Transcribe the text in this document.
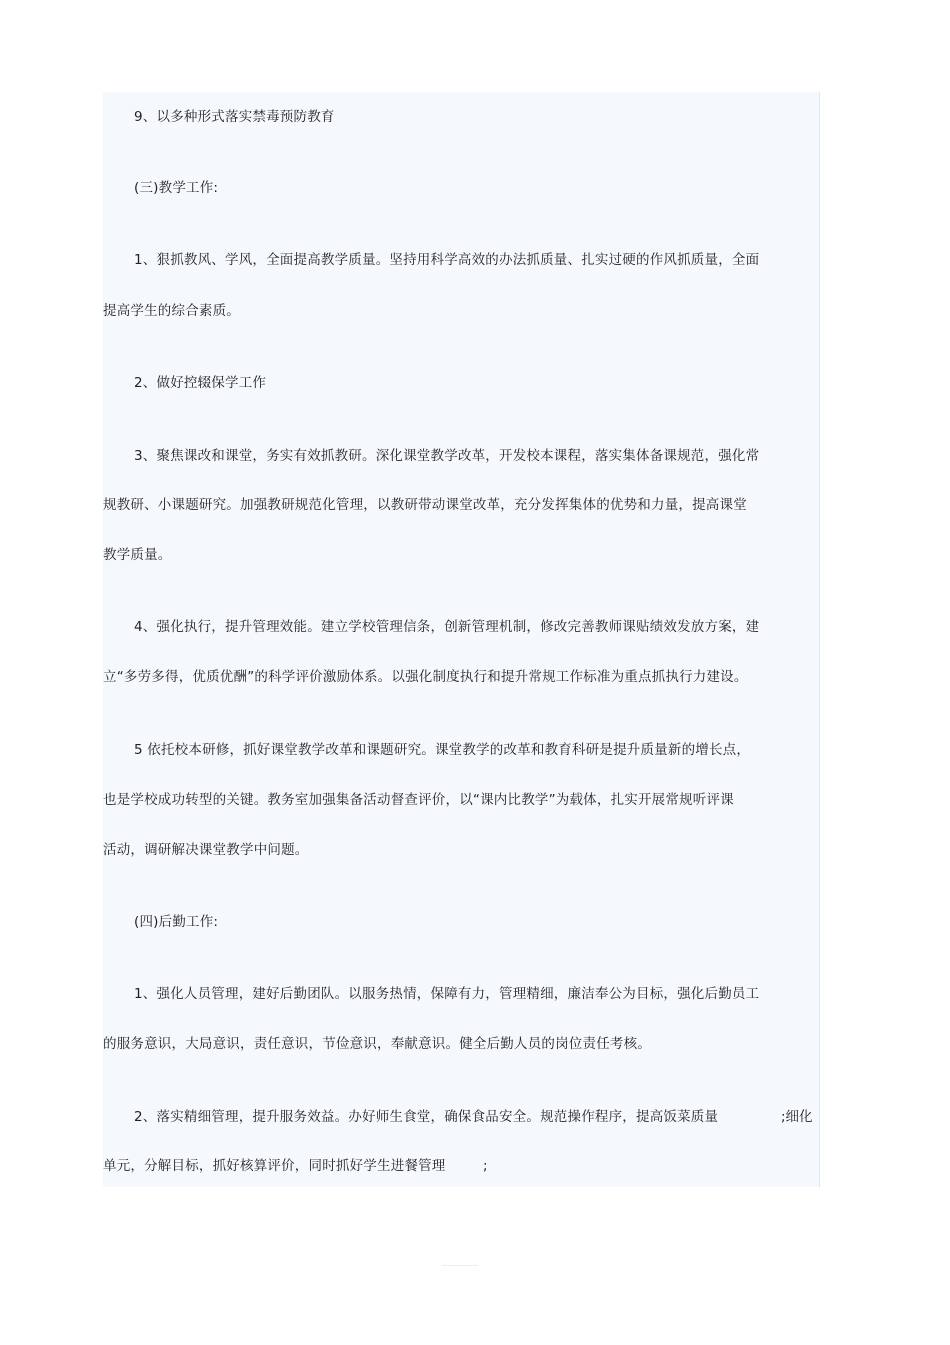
9、以多种形式落实禁毒预防教育
(三)教学工作:
1、狠抓教风、学风，全面提高教学质量。坚持用科学高效的办法抓质量、扎实过硬的作风抓质量，全面
提高学生的综合素质。
2、做好控辍保学工作
3、聚焦课改和课堂，务实有效抓教研。深化课堂教学改革，开发校本课程，落实集体备课规范，强化常
规教研、小课题研究。加强教研规范化管理，以教研带动课堂改革，充分发挥集体的优势和力量，提高课堂
教学质量。
4、强化执行，提升管理效能。建立学校管理信条，创新管理机制，修改完善教师课贴绩效发放方案，建
立“多劳多得，优质优酬”的科学评价激励体系。以强化制度执行和提升常规工作标准为重点抓执行力建设。
5 依托校本研修，抓好课堂教学改革和课题研究。课堂教学的改革和教育科研是提升质量新的增长点，
也是学校成功转型的关键。教务室加强集备活动督查评价，以“课内比教学”为载体，扎实开展常规听评课
活动，调研解决课堂教学中问题。
(四)后勤工作:
1、强化人员管理，建好后勤团队。以服务热情，保障有力，管理精细，廉洁奉公为目标，强化后勤员工
的服务意识，大局意识，责任意识，节俭意识，奉献意识。健全后勤人员的岗位责任考核。
2、落实精细管理，提升服务效益。办好师生食堂，确保食品安全。规范操作程序，提高饭菜质量	;细化
单元，分解目标，抓好核算评价，同时抓好学生进餐管理	;
